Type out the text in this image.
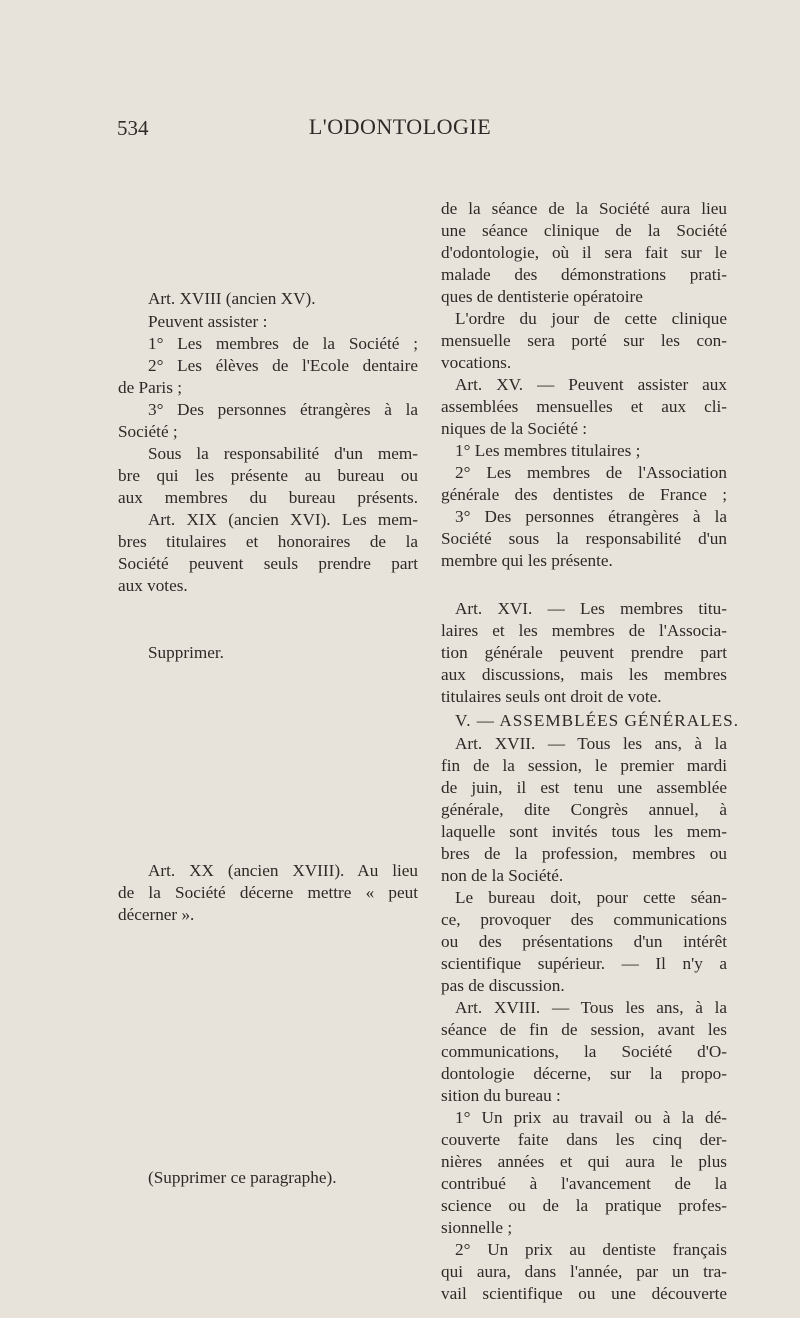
534	L'ODONTOLOGIE
Art. XVIII (ancien XV).
Peuvent assister :
1° Les membres de la Société ;
2° Les élèves de l'Ecole dentaire
de Paris ;
3° Des personnes étrangères à la
Société ;
Sous la responsabilité d'un mem-
bre qui les présente au bureau ou
aux membres du bureau présents.
Art. XIX (ancien XVI). Les mem-
bres titulaires et honoraires de la
Société peuvent seuls prendre part
aux votes.
Supprimer.
Art. XX (ancien XVIII). Au lieu
de la Société décerne mettre « peut
décerner ».
(Supprimer ce paragraphe).
de la séance de la Société aura lieu
une séance clinique de la Société
d'odontologie, où il sera fait sur le
malade des démonstrations prati-
ques de dentisterie opératoire
L'ordre du jour de cette clinique
mensuelle sera porté sur les con-
vocations.
Art. XV. — Peuvent assister aux
assemblées mensuelles et aux cli-
niques de la Société :
1° Les membres titulaires ;
2° Les membres de l'Association
générale des dentistes de France ;
3° Des personnes étrangères à la
Société sous la responsabilité d'un
membre qui les présente.
Art. XVI. — Les membres titu-
laires et les membres de l'Associa-
tion générale peuvent prendre part
aux discussions, mais les membres
titulaires seuls ont droit de vote.
V. — ASSEMBLÉES GÉNÉRALES.
Art. XVII. — Tous les ans, à la
fin de la session, le premier mardi
de juin, il est tenu une assemblée
générale, dite Congrès annuel, à
laquelle sont invités tous les mem-
bres de la profession, membres ou
non de la Société.
Le bureau doit, pour cette séan-
ce, provoquer des communications
ou des présentations d'un intérêt
scientifique supérieur. — Il n'y a
pas de discussion.
Art. XVIII. — Tous les ans, à la
séance de fin de session, avant les
communications, la Société d'O-
dontologie décerne, sur la propo-
sition du bureau :
1° Un prix au travail ou à la dé-
couverte faite dans les cinq der-
nières années et qui aura le plus
contribué à l'avancement de la
science ou de la pratique profes-
sionnelle ;
2° Un prix au dentiste français
qui aura, dans l'année, par un tra-
vail scientifique ou une découverte
